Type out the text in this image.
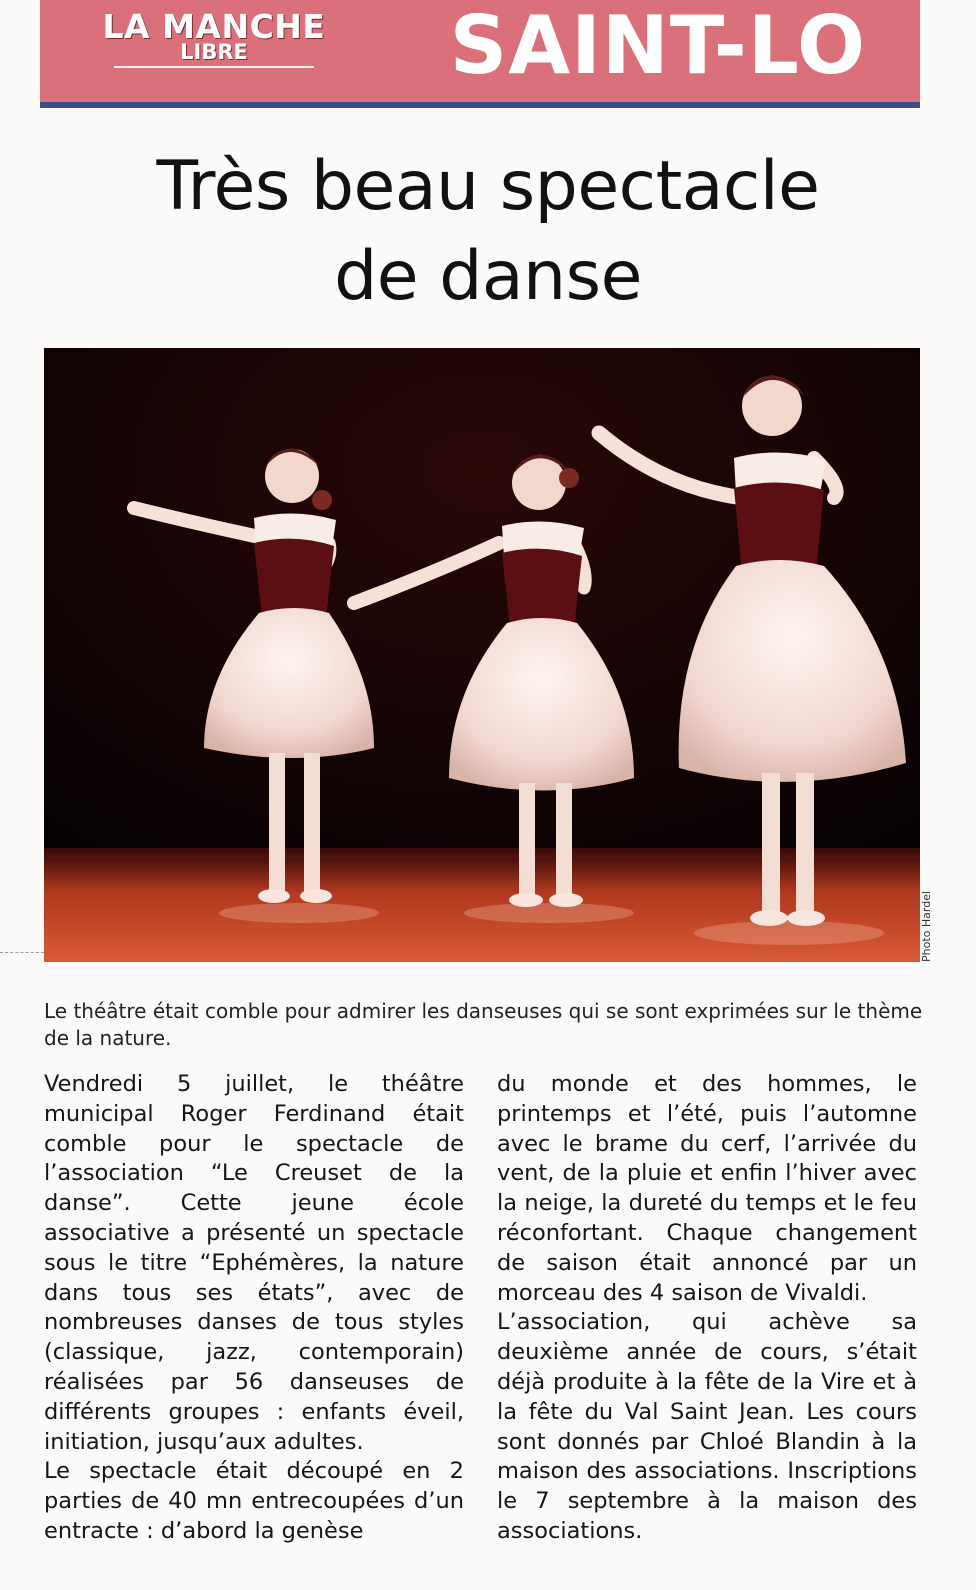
LA MANCHE
LIBRE	SAINT-LO
Très beau spectacle
de danse
Photo Hardel

Le théâtre était comble pour admirer les danseuses qui se sont exprimées sur le thème de la nature.

Vendredi 5 juillet, le théâtre municipal Roger Ferdinand était comble pour le spectacle de l’association “Le Creuset de la danse”. Cette jeune école associative a présenté un spectacle sous le titre “Ephémères, la nature dans tous ses états”, avec de nombreuses danses de tous styles (classique, jazz, contemporain) réalisées par 56 danseuses de différents groupes : enfants éveil, initiation, jusqu’aux adultes.

Le spectacle était découpé en 2 parties de 40 mn entrecoupées d’un entracte : d’abord la genèse

du monde et des hommes, le printemps et l’été, puis l’automne avec le brame du cerf, l’arrivée du vent, de la pluie et enfin l’hiver avec la neige, la dureté du temps et le feu réconfortant. Chaque changement de saison était annoncé par un morceau des 4 saison de Vivaldi.

L’association, qui achève sa deuxième année de cours, s’était déjà produite à la fête de la Vire et à la fête du Val Saint Jean. Les cours sont donnés par Chloé Blandin à la maison des associations. Inscriptions le 7 septembre à la maison des associations.
